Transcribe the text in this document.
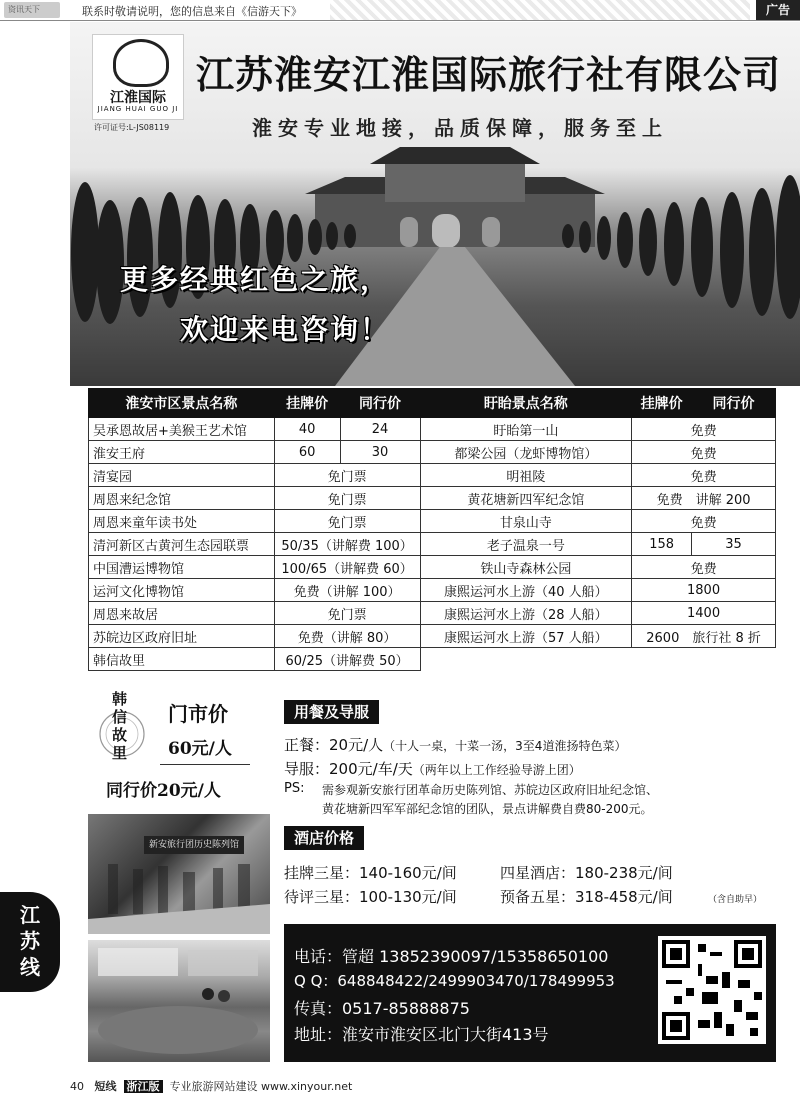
资讯天下	联系时敬请说明，您的信息来自《信游天下》	广告
江淮国际
JIANG HUAI GUO JI
许可证号:L-JS08119
江苏淮安江淮国际旅行社有限公司
淮安专业地接，品质保障，服务至上
更多经典红色之旅，
欢迎来电咨询！
淮安市区景点名称	挂牌价	同行价	盱眙景点名称	挂牌价	同行价
吴承恩故居+美猴王艺术馆	40	24	盱眙第一山	免费	
淮安王府	60	30	都梁公园（龙虾博物馆）	免费	
清宴园	免门票		明祖陵	免费	
周恩来纪念馆	免门票		黄花塘新四军纪念馆	免费　讲解 200	
周恩来童年读书处	免门票		甘泉山寺	免费	
清河新区古黄河生态园联票	50/35（讲解费 100）		老子温泉一号	158	35
中国漕运博物馆	100/65（讲解费 60）		铁山寺森林公园	免费	
运河文化博物馆	免费（讲解 100）		康熙运河水上游（40 人船）	1800	
周恩来故居	免门票		康熙运河水上游（28 人船）	1400	
苏皖边区政府旧址	免费（讲解 80）		康熙运河水上游（57 人船）	2600　旅行社 8 折	
韩信故里	60/25（讲解费 50）				
韩信故里
门市价
60元/人
同行价20元/人
新安旅行团历史陈列馆
用餐及导服
正餐：20元/人（十人一桌，十菜一汤，3至4道淮扬特色菜）
导服：200元/车/天（两年以上工作经验导游上团）
PS: 需参观新安旅行团革命历史陈列馆、苏皖边区政府旧址纪念馆、
黄花塘新四军军部纪念馆的团队，景点讲解费自费80-200元。
酒店价格
挂牌三星：140-160元/间	四星酒店：180-238元/间
待评三星：100-130元/间	预备五星：318-458元/间	（含自助早）
电话：管超 13852390097/15358650100
Q Q：648848422/2499903470/178499953
传真：0517-85888875
地址：淮安市淮安区北门大街413号
江
苏
线
40 短线 浙江版 专业旅游网站建设 www.xinyour.net
